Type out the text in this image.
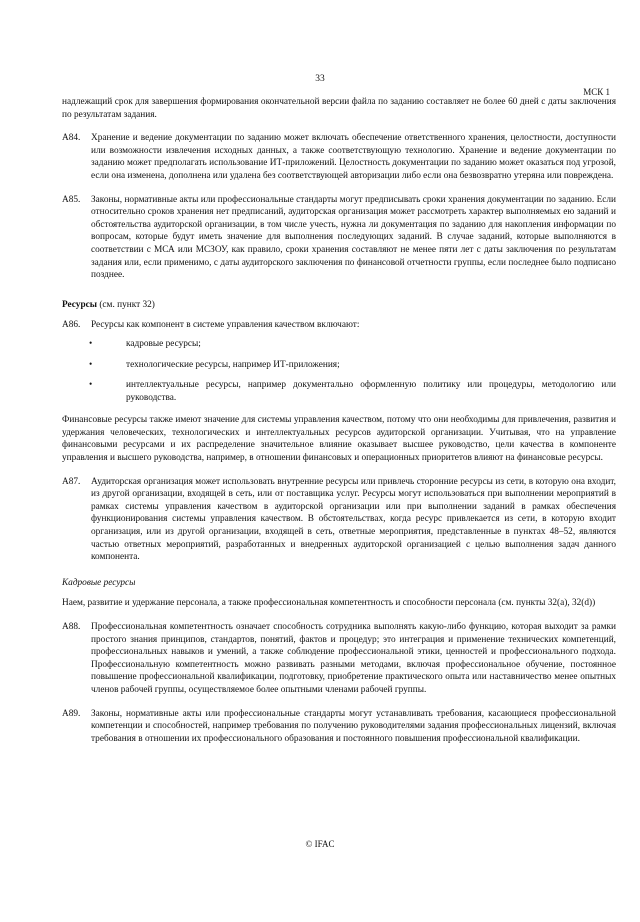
33
МСК 1

надлежащий срок для завершения формирования окончательной версии файла по заданию составляет не более 60 дней с даты заключения по результатам задания.

А84.	Хранение и ведение документации по заданию может включать обеспечение ответственного хранения, целостности, доступности или возможности извлечения исходных данных, а также соответствующую технологию. Хранение и ведение документации по заданию может предполагать использование ИТ-приложений. Целостность документации по заданию может оказаться под угрозой, если она изменена, дополнена или удалена без соответствующей авторизации либо если она безвозвратно утеряна или повреждена.
А85.	Законы, нормативные акты или профессиональные стандарты могут предписывать сроки хранения документации по заданию. Если относительно сроков хранения нет предписаний, аудиторская организация может рассмотреть характер выполняемых ею заданий и обстоятельства аудиторской организации, в том числе учесть, нужна ли документация по заданию для накопления информации по вопросам, которые будут иметь значение для выполнения последующих заданий. В случае заданий, которые выполняются в соответствии с МСА или МСЗОУ, как правило, сроки хранения составляют не менее пяти лет с даты заключения по результатам задания или, если применимо, с даты аудиторского заключения по финансовой отчетности группы, если последнее было подписано позднее.
Ресурсы (см. пункт 32)
А86.	Ресурсы как компонент в системе управления качеством включают:

• кадровые ресурсы;
• технологические ресурсы, например ИТ-приложения;
• интеллектуальные ресурсы, например документально оформленную политику или процедуры, методологию или руководства.

Финансовые ресурсы также имеют значение для системы управления качеством, потому что они необходимы для привлечения, развития и удержания человеческих, технологических и интеллектуальных ресурсов аудиторской организации. Учитывая, что на управление финансовыми ресурсами и их распределение значительное влияние оказывает высшее руководство, цели качества в компоненте управления и высшего руководства, например, в отношении финансовых и операционных приоритетов влияют на финансовые ресурсы.

А87.	Аудиторская организация может использовать внутренние ресурсы или привлечь сторонние ресурсы из сети, в которую она входит, из другой организации, входящей в сеть, или от поставщика услуг. Ресурсы могут использоваться при выполнении мероприятий в рамках системы управления качеством в аудиторской организации или при выполнении заданий в рамках обеспечения функционирования системы управления качеством. В обстоятельствах, когда ресурс привлекается из сети, в которую входит организация, или из другой организации, входящей в сеть, ответные мероприятия, представленные в пунктах 48–52, являются частью ответных мероприятий, разработанных и внедренных аудиторской организацией с целью выполнения задач данного компонента.
Кадровые ресурсы

Наем, развитие и удержание персонала, а также профессиональная компетентность и способности персонала (см. пункты 32(a), 32(d))

А88.	Профессиональная компетентность означает способность сотрудника выполнять какую-либо функцию, которая выходит за рамки простого знания принципов, стандартов, понятий, фактов и процедур; это интеграция и применение технических компетенций, профессиональных навыков и умений, а также соблюдение профессиональной этики, ценностей и профессионального подхода. Профессиональную компетентность можно развивать разными методами, включая профессиональное обучение, постоянное повышение профессиональной квалификации, подготовку, приобретение практического опыта или наставничество менее опытных членов рабочей группы, осуществляемое более опытными членами рабочей группы.
А89.	Законы, нормативные акты или профессиональные стандарты могут устанавливать требования, касающиеся профессиональной компетенции и способностей, например требования по получению руководителями задания профессиональных лицензий, включая требования в отношении их профессионального образования и постоянного повышения профессиональной квалификации.
© IFAC
